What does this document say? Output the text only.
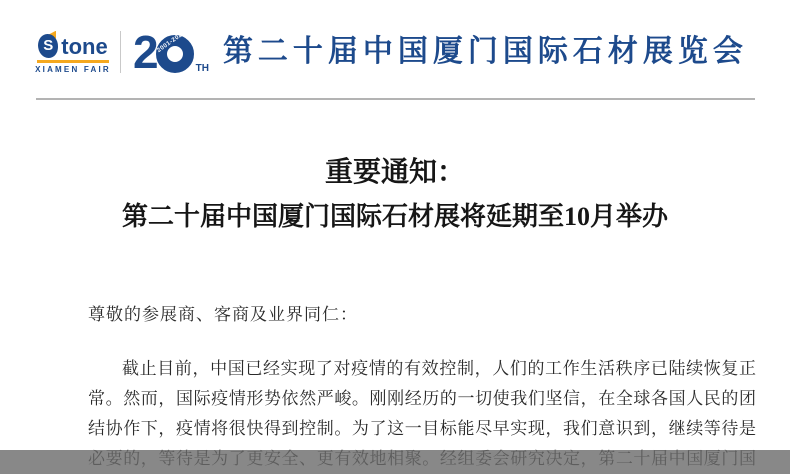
S tone
XIAMEN FAIR 2
2001-2020
TH
第二十届中国厦门国际石材展览会
重要通知：
第二十届中国厦门国际石材展将延期至10月举办

尊敬的参展商、客商及业界同仁：

截止目前，中国已经实现了对疫情的有效控制，人们的工作生活秩序已陆续恢复正
常。然而，国际疫情形势依然严峻。刚刚经历的一切使我们坚信，在全球各国人民的团
结协作下，疫情将很快得到控制。为了这一目标能尽早实现，我们意识到，继续等待是
必要的，等待是为了更安全、更有效地相聚。经组委会研究决定，第二十届中国厦门国
